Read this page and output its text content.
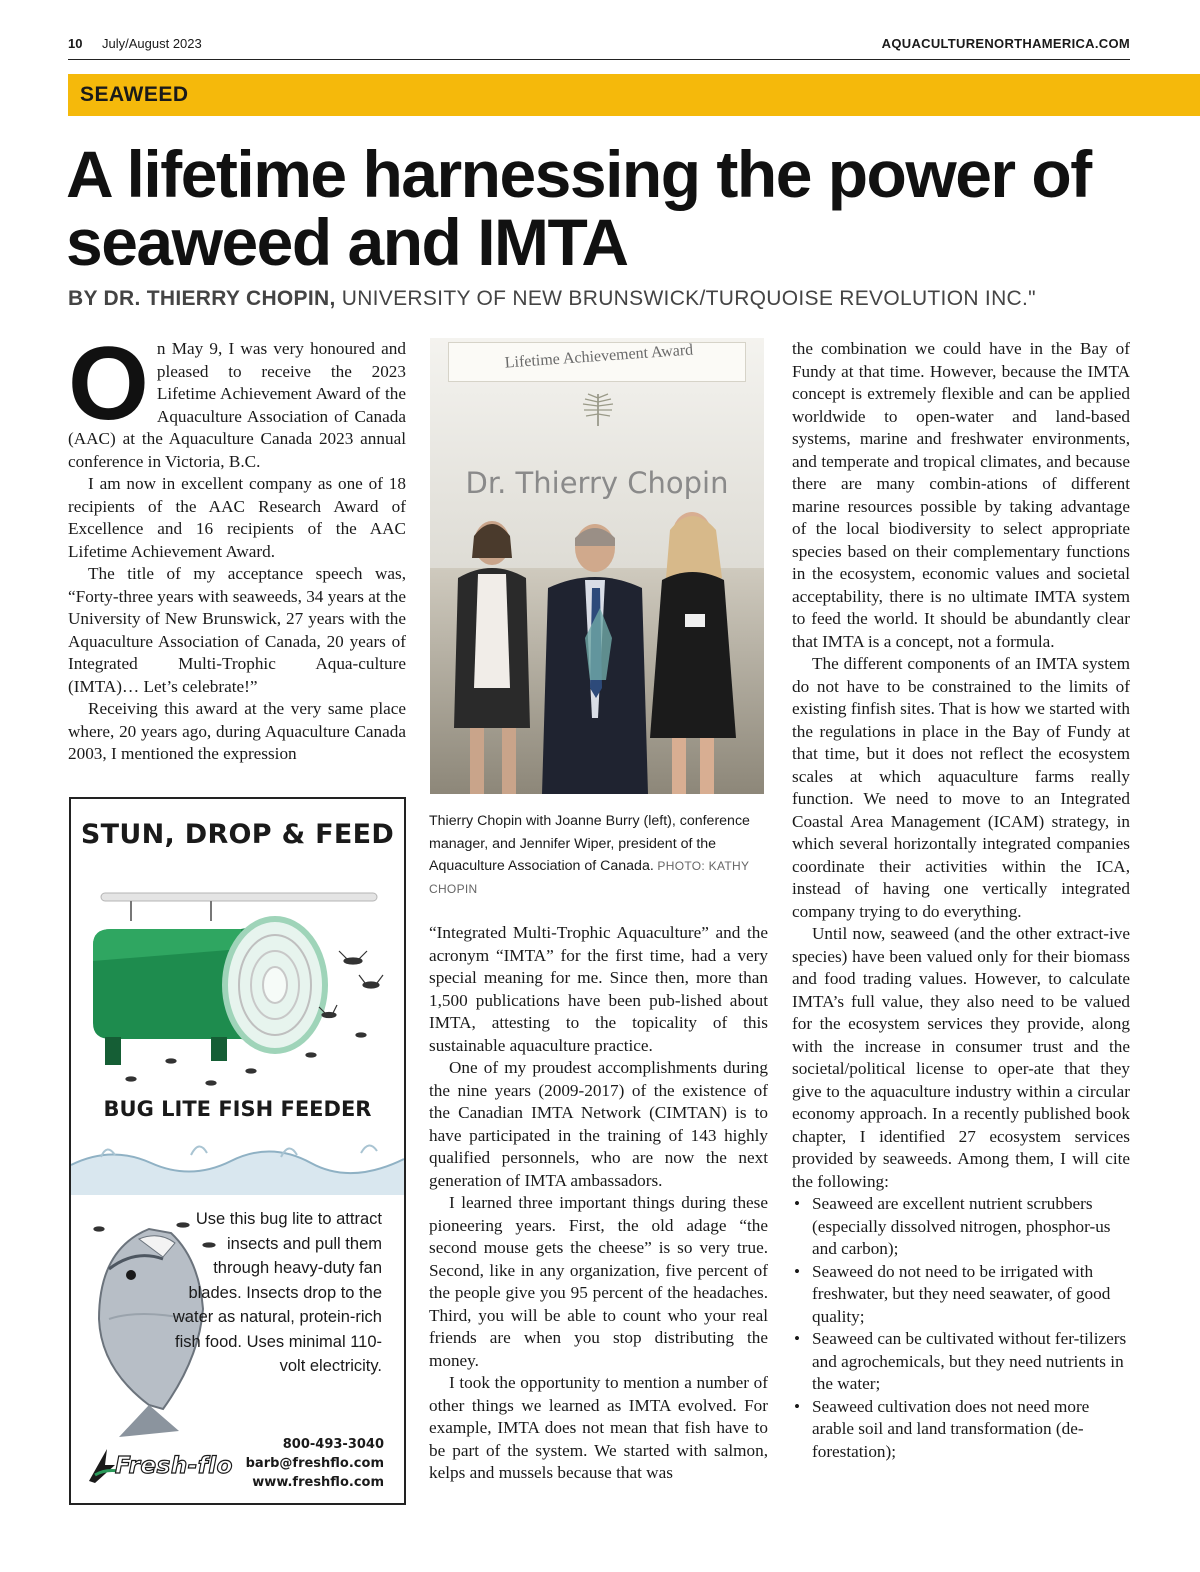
10 July/August 2023	AQUACULTURENORTHAMERICA.COM
SEAWEED
A lifetime harnessing the power of seaweed and IMTA
BY DR. THIERRY CHOPIN, UNIVERSITY OF NEW BRUNSWICK/TURQUOISE REVOLUTION INC."
O n May 9, I was very honoured and pleased to receive the 2023 Lifetime Achievement Award of the Aquaculture Association of Canada (AAC) at the Aquaculture Canada 2023 annual conference in Victoria, B.C.

I am now in excellent company as one of 18 recipients of the AAC Research Award of Excellence and 16 recipients of the AAC Lifetime Achievement Award.

The title of my acceptance speech was, “Forty-three years with seaweeds, 34 years at the University of New Brunswick, 27 years with the Aquaculture Association of Canada, 20 years of Integrated Multi-Trophic Aqua-culture (IMTA)… Let’s celebrate!”

Receiving this award at the very same place where, 20 years ago, during Aquaculture Canada 2003, I mentioned the expression

Lifetime Achievement Award
Dr. Thierry Chopin
Thierry Chopin with Joanne Burry (left), conference manager, and Jennifer Wiper, president of the Aquaculture Association of Canada. PHOTO: KATHY CHOPIN

“Integrated Multi-Trophic Aquaculture” and the acronym “IMTA” for the first time, had a very special meaning for me. Since then, more than 1,500 publications have been pub-lished about IMTA, attesting to the topicality of this sustainable aquaculture practice.

One of my proudest accomplishments during the nine years (2009-2017) of the existence of the Canadian IMTA Network (CIMTAN) is to have participated in the training of 143 highly qualified personnels, who are now the next generation of IMTA ambassadors.

I learned three important things during these pioneering years. First, the old adage “the second mouse gets the cheese” is so very true. Second, like in any organization, five percent of the people give you 95 percent of the headaches. Third, you will be able to count who your real friends are when you stop distributing the money.

I took the opportunity to mention a number of other things we learned as IMTA evolved. For example, IMTA does not mean that fish have to be part of the system. We started with salmon, kelps and mussels because that was

the combination we could have in the Bay of Fundy at that time. However, because the IMTA concept is extremely flexible and can be applied worldwide to open-water and land-based systems, marine and freshwater environments, and temperate and tropical climates, and because there are many combin-ations of different marine resources possible by taking advantage of the local biodiversity to select appropriate species based on their complementary functions in the ecosystem, economic values and societal acceptability, there is no ultimate IMTA system to feed the world. It should be abundantly clear that IMTA is a concept, not a formula.

The different components of an IMTA system do not have to be constrained to the limits of existing finfish sites. That is how we started with the regulations in place in the Bay of Fundy at that time, but it does not reflect the ecosystem scales at which aquaculture farms really function. We need to move to an Integrated Coastal Area Management (ICAM) strategy, in which several horizontally integrated companies coordinate their activities within the ICA, instead of having one vertically integrated company trying to do everything.

Until now, seaweed (and the other extract-ive species) have been valued only for their biomass and food trading values. However, to calculate IMTA’s full value, they also need to be valued for the ecosystem services they provide, along with the increase in consumer trust and the societal/political license to oper-ate that they give to the aquaculture industry within a circular economy approach. In a recently published book chapter, I identified 27 ecosystem services provided by seaweeds. Among them, I will cite the following:

• Seaweed are excellent nutrient scrubbers (especially dissolved nitrogen, phosphor-us and carbon);
• Seaweed do not need to be irrigated with freshwater, but they need seawater, of good quality;
• Seaweed can be cultivated without fer-tilizers and agrochemicals, but they need nutrients in the water;
• Seaweed cultivation does not need more arable soil and land transformation (de-forestation);
STUN, DROP & FEED
BUG LITE FISH FEEDER
Use this bug lite to attract insects and pull them through heavy-duty fan blades. Insects drop to the water as natural, protein-rich fish food. Uses minimal 110-volt electricity.
Fresh-flo
800-493-3040
barb@freshflo.com
www.freshflo.com
